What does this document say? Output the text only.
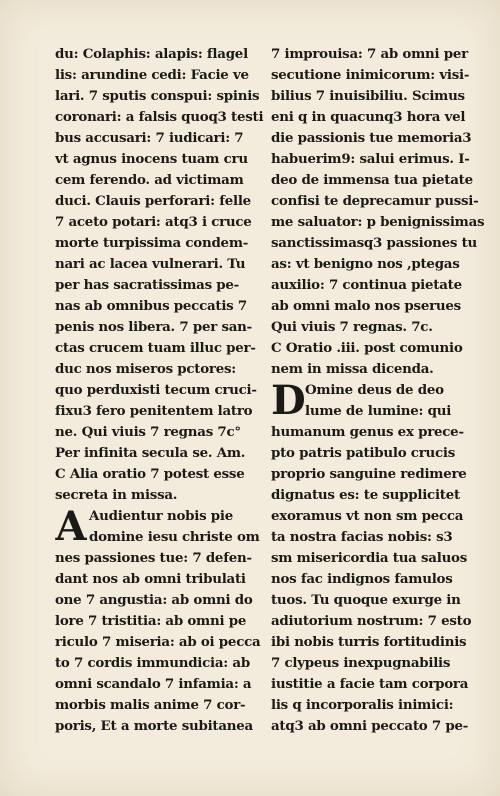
du: Colaphis: alapis: flagel
lis: arundine cedi: Facie ve
lari. 7 sputis conspui: spinis
coronari: a falsis quoq3 testi
bus accusari: 7 iudicari: 7
vt agnus inocens tuam cru
cem ferendo. ad victimam
duci. Clauis perforari: felle
7 aceto potari: atq3 i cruce
morte turpissima condem-
nari ac lacea vulnerari. Tu
per has sacratissimas pe-
nas ab omnibus peccatis 7
penis nos libera. 7 per san-
ctas crucem tuam illuc per-
duc nos miseros pctores:
quo perduxisti tecum cruci-
fixu3 fero penitentem latro
ne. Qui viuis 7 regnas 7c°
Per infinita secula se. Am.
C Alia oratio 7 potest esse
secreta in missa.
A Audientur nobis pie
domine iesu christe om
nes passiones tue: 7 defen-
dant nos ab omni tribulati
one 7 angustia: ab omni do
lore 7 tristitia: ab omni pe
riculo 7 miseria: ab oi pecca
to 7 cordis immundicia: ab
omni scandalo 7 infamia: a
morbis malis anime 7 cor-
poris, Et a morte subitanea
7 improuisa: 7 ab omni per
secutione inimicorum: visi-
bilius 7 inuisibiliu. Scimus
eni q in quacunq3 hora vel
die passionis tue memoria3
habuerim9: salui erimus. I-
deo de immensa tua pietate
confisi te deprecamur pussi-
me saluator: p benignissimas
sanctissimasq3 passiones tu
as: vt benigno nos ,ptegas
auxilio: 7 continua pietate
ab omni malo nos pserues
Qui viuis 7 regnas. 7c.
C Oratio .iii. post comunio
nem in missa dicenda.
D Omine deus de deo
lume de lumine: qui
humanum genus ex prece-
pto patris patibulo crucis
proprio sanguine redimere
dignatus es: te supplicitet
exoramus vt non sm pecca
ta nostra facias nobis: s3
sm misericordia tua saluos
nos fac indignos famulos
tuos. Tu quoque exurge in
adiutorium nostrum: 7 esto
ibi nobis turris fortitudinis
7 clypeus inexpugnabilis
iustitie a facie tam corpora
lis q incorporalis inimici:
atq3 ab omni peccato 7 pe-
